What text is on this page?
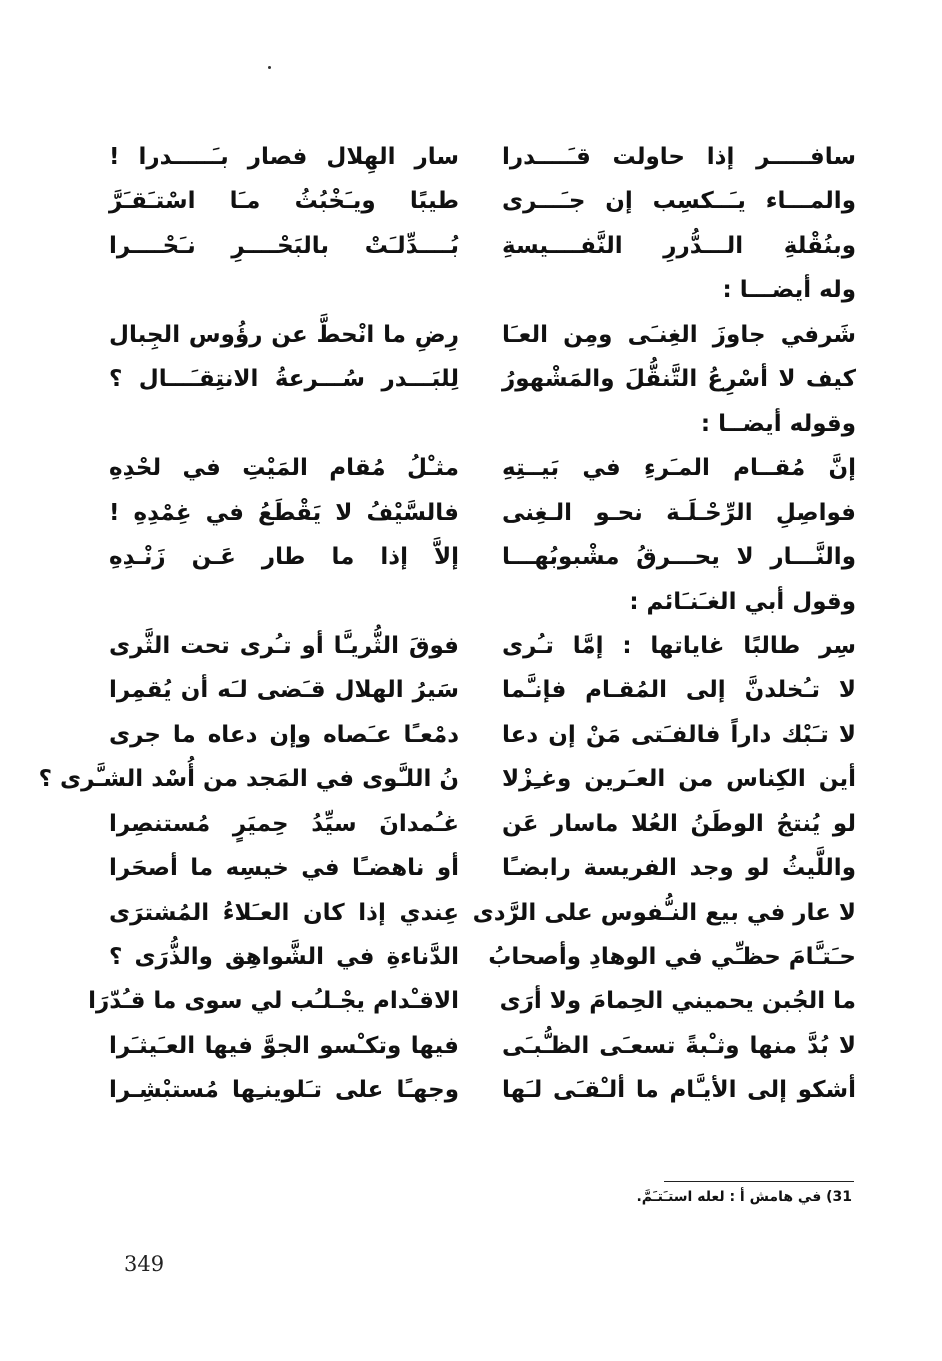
سافـــــر إذا حاولت قـَــــدرا
والمـــاء يـَــكسِب إن جـَـــرى
وبنُقْلةِ الـــدُّررِ النَّفــــيسةِ
وله أيضـــا :
شَرفي جاوزَ الغِنـَى ومِن العـَا
كيف لا أسْرِعُ التَّنقُّلَ والمَشْهورُ
وقوله أيضــا :
إنَّ مُقــام المـَرءِ في بَيــتِهِ
فواصِلِ الرِّحْـلَـة نحـو الـغِنى
والنَّـــار لا يحـــرقُ مشْبوبُهـــا
وقول أبي الغـَنـَائم :
سِر طالبًا غاياتها : إمَّا تـُرى
لا تـُخلدنَّ إلى المُقـام فإنـَّما
لا تـَبْك داراً فالفـَتى مَنْ إن دعا
أين الكِناس من العـَرين وغـِزْلا
لو يُنتجُ الوطَنُ العُلا ماسار عَن
واللَّيثُ لو وجد الفريسة رابضـًا
لا عار في بيع النـُّفوس على الرَّدى
حـَتـَّامَ حظـِّي في الوهادِ وأصحابُ
ما الجُبن يحميني الحِمامَ ولا أرَى
لا بُدَّ منها وثـْبةً تسعـَى الظـُّبـَى
أشكو إلى الأيـَّام ما ألـْقـَى لـَها
سار الهِلال فصار بـَـــــدرا !
طيبًا ويـَخْبُثُ مـَا اسْتـَقـَرَّ
بُــــدِّلـَتْ بالبَحْــــرِ نـَحْــــرا
رِضِ ما انْحطَّ عن رؤُوس الجِبال
لِلبَـــدر سُـــرعةُ الانتِقـَـــال ؟
مثـْلُ مُقام المَيْتِ في لحْدِهِ
فالسَّيْفُ لا يَقْطَعُ في غِمْدِهِ !
إلاَّ إذا ما طار عَـن زَنْـدِهِ
فوقَ الثُّريـَّا أو تـُرى تحت الثَّرى
سَيرُ الهلال قـَضى لـَه أن يُقمِرا
دمْعـًا عـَصاه وإن دعاه ما جرى
نُ اللـَّوى في المَجد من أُسْد الشـَّرى ؟
غـُمدانَ سيِّدُ حِميَرٍ مُستنصِرا
أو ناهضـًا في خيسِه ما أصحَرا
عِندي إذا كان العـَلاءُ المُشترَى
الدَّناءةِ في الشَّواهِق والذُّرَى ؟
الاقـْدام يجْـلـُب لي سوى ما قـُدّرَا
فيها وتكـْسو الجوَّ فيها العـَيثـَرا
وجهـًا على تـَلوينـِها مُستبْشِـرا
31) في هامش أ : لعله استـَتـَمَّ.
349
